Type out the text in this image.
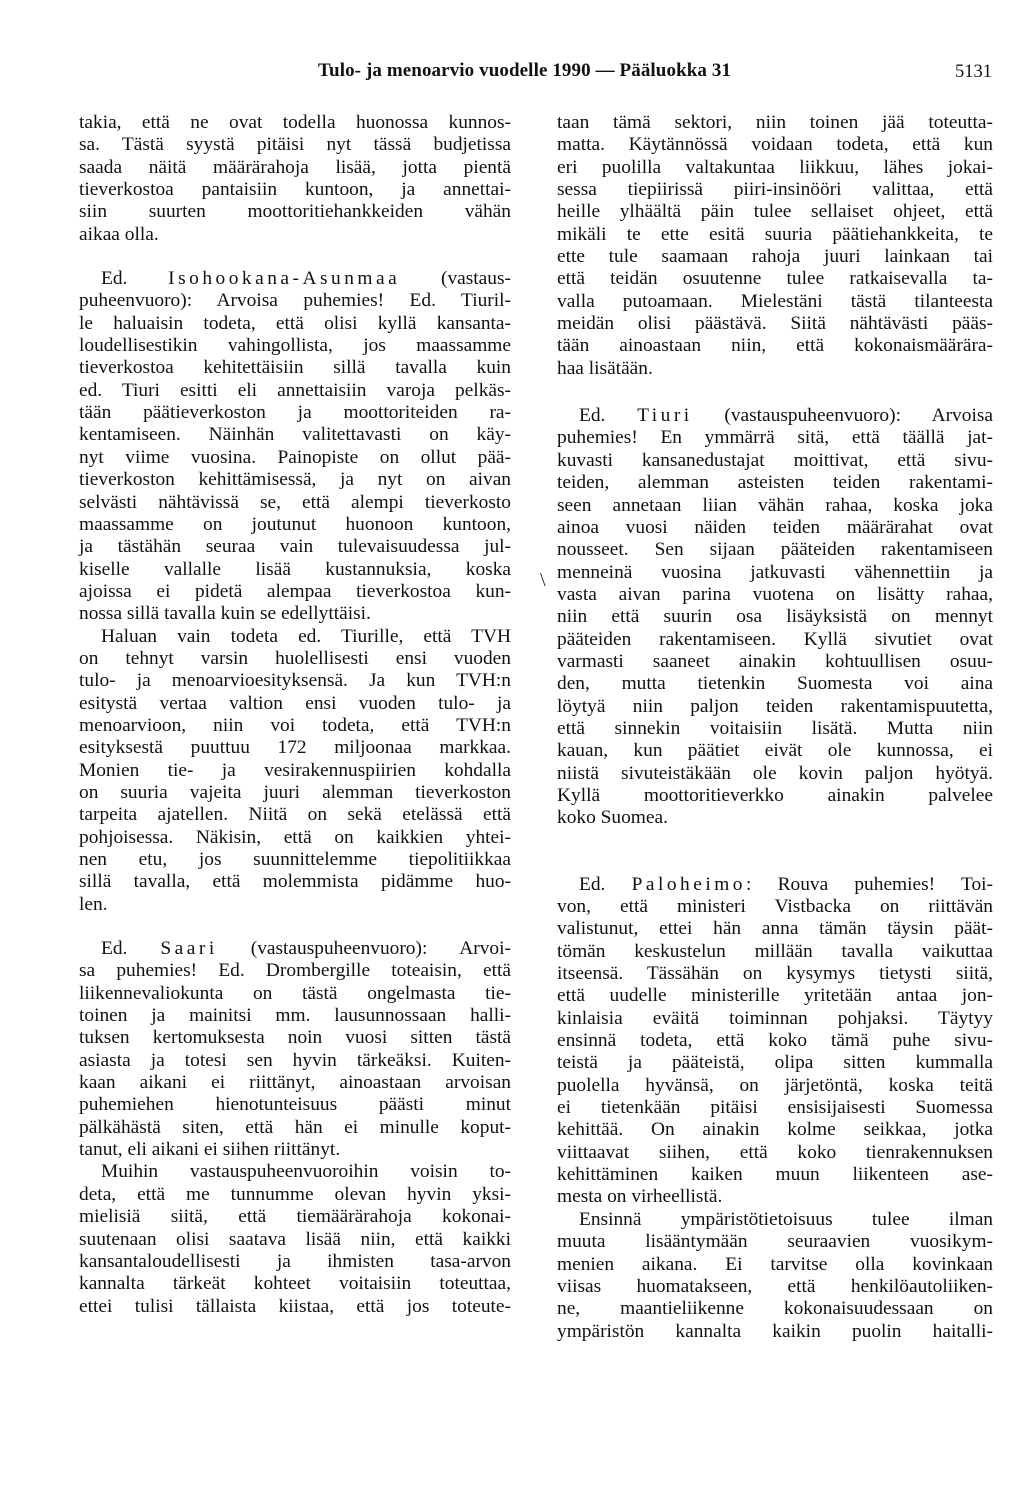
Tulo- ja menoarvio vuodelle 1990 — Pääluokka 31	5131
\

takia, että ne ovat todella huonossa kunnos-
sa. Tästä syystä pitäisi nyt tässä budjetissa
saada näitä määrärahoja lisää, jotta pientä
tieverkostoa pantaisiin kuntoon, ja annettai-
siin suurten moottoritiehankkeiden vähän
aikaa olla.

Ed. Isohookana-Asunmaa (vastaus-
puheenvuoro): Arvoisa puhemies! Ed. Tiuril-
le haluaisin todeta, että olisi kyllä kansanta-
loudellisestikin vahingollista, jos maassamme
tieverkostoa kehitettäisiin sillä tavalla kuin
ed. Tiuri esitti eli annettaisiin varoja pelkäs-
tään päätieverkoston ja moottoriteiden ra-
kentamiseen. Näinhän valitettavasti on käy-
nyt viime vuosina. Painopiste on ollut pää-
tieverkoston kehittämisessä, ja nyt on aivan
selvästi nähtävissä se, että alempi tieverkosto
maassamme on joutunut huonoon kuntoon,
ja tästähän seuraa vain tulevaisuudessa jul-
kiselle vallalle lisää kustannuksia, koska
ajoissa ei pidetä alempaa tieverkostoa kun-
nossa sillä tavalla kuin se edellyttäisi.

Haluan vain todeta ed. Tiurille, että TVH
on tehnyt varsin huolellisesti ensi vuoden
tulo- ja menoarvioesityksensä. Ja kun TVH:n
esitystä vertaa valtion ensi vuoden tulo- ja
menoarvioon, niin voi todeta, että TVH:n
esityksestä puuttuu 172 miljoonaa markkaa.
Monien tie- ja vesirakennuspiirien kohdalla
on suuria vajeita juuri alemman tieverkoston
tarpeita ajatellen. Niitä on sekä etelässä että
pohjoisessa. Näkisin, että on kaikkien yhtei-
nen etu, jos suunnittelemme tiepolitiikkaa
sillä tavalla, että molemmista pidämme huo-
len.

Ed. Saari (vastauspuheenvuoro): Arvoi-
sa puhemies! Ed. Drombergille toteaisin, että
liikennevaliokunta on tästä ongelmasta tie-
toinen ja mainitsi mm. lausunnossaan halli-
tuksen kertomuksesta noin vuosi sitten tästä
asiasta ja totesi sen hyvin tärkeäksi. Kuiten-
kaan aikani ei riittänyt, ainoastaan arvoisan
puhemiehen hienotunteisuus päästi minut
pälkähästä siten, että hän ei minulle koput-
tanut, eli aikani ei siihen riittänyt.

Muihin vastauspuheenvuoroihin voisin to-
deta, että me tunnumme olevan hyvin yksi-
mielisiä siitä, että tiemäärärahoja kokonai-
suutenaan olisi saatava lisää niin, että kaikki
kansantaloudellisesti ja ihmisten tasa-arvon
kannalta tärkeät kohteet voitaisiin toteuttaa,
ettei tulisi tällaista kiistaa, että jos toteute-

taan tämä sektori, niin toinen jää toteutta-
matta. Käytännössä voidaan todeta, että kun
eri puolilla valtakuntaa liikkuu, lähes jokai-
sessa tiepiirissä piiri-insinööri valittaa, että
heille ylhäältä päin tulee sellaiset ohjeet, että
mikäli te ette esitä suuria päätiehankkeita, te
ette tule saamaan rahoja juuri lainkaan tai
että teidän osuutenne tulee ratkaisevalla ta-
valla putoamaan. Mielestäni tästä tilanteesta
meidän olisi päästävä. Siitä nähtävästi pääs-
tään ainoastaan niin, että kokonaismäärära-
haa lisätään.

Ed. Tiuri (vastauspuheenvuoro): Arvoisa
puhemies! En ymmärrä sitä, että täällä jat-
kuvasti kansanedustajat moittivat, että sivu-
teiden, alemman asteisten teiden rakentami-
seen annetaan liian vähän rahaa, koska joka
ainoa vuosi näiden teiden määrärahat ovat
nousseet. Sen sijaan pääteiden rakentamiseen
menneinä vuosina jatkuvasti vähennettiin ja
vasta aivan parina vuotena on lisätty rahaa,
niin että suurin osa lisäyksistä on mennyt
pääteiden rakentamiseen. Kyllä sivutiet ovat
varmasti saaneet ainakin kohtuullisen osuu-
den, mutta tietenkin Suomesta voi aina
löytyä niin paljon teiden rakentamispuutetta,
että sinnekin voitaisiin lisätä. Mutta niin
kauan, kun päätiet eivät ole kunnossa, ei
niistä sivuteistäkään ole kovin paljon hyötyä.
Kyllä moottoritieverkko ainakin palvelee
koko Suomea.

Ed. Paloheimo: Rouva puhemies! Toi-
von, että ministeri Vistbacka on riittävän
valistunut, ettei hän anna tämän täysin päät-
tömän keskustelun millään tavalla vaikuttaa
itseensä. Tässähän on kysymys tietysti siitä,
että uudelle ministerille yritetään antaa jon-
kinlaisia eväitä toiminnan pohjaksi. Täytyy
ensinnä todeta, että koko tämä puhe sivu-
teistä ja pääteistä, olipa sitten kummalla
puolella hyvänsä, on järjetöntä, koska teitä
ei tietenkään pitäisi ensisijaisesti Suomessa
kehittää. On ainakin kolme seikkaa, jotka
viittaavat siihen, että koko tienrakennuksen
kehittäminen kaiken muun liikenteen ase-
mesta on virheellistä.

Ensinnä ympäristötietoisuus tulee ilman
muuta lisääntymään seuraavien vuosikym-
menien aikana. Ei tarvitse olla kovinkaan
viisas huomatakseen, että henkilöautoliiken-
ne, maantieliikenne kokonaisuudessaan on
ympäristön kannalta kaikin puolin haitalli-
